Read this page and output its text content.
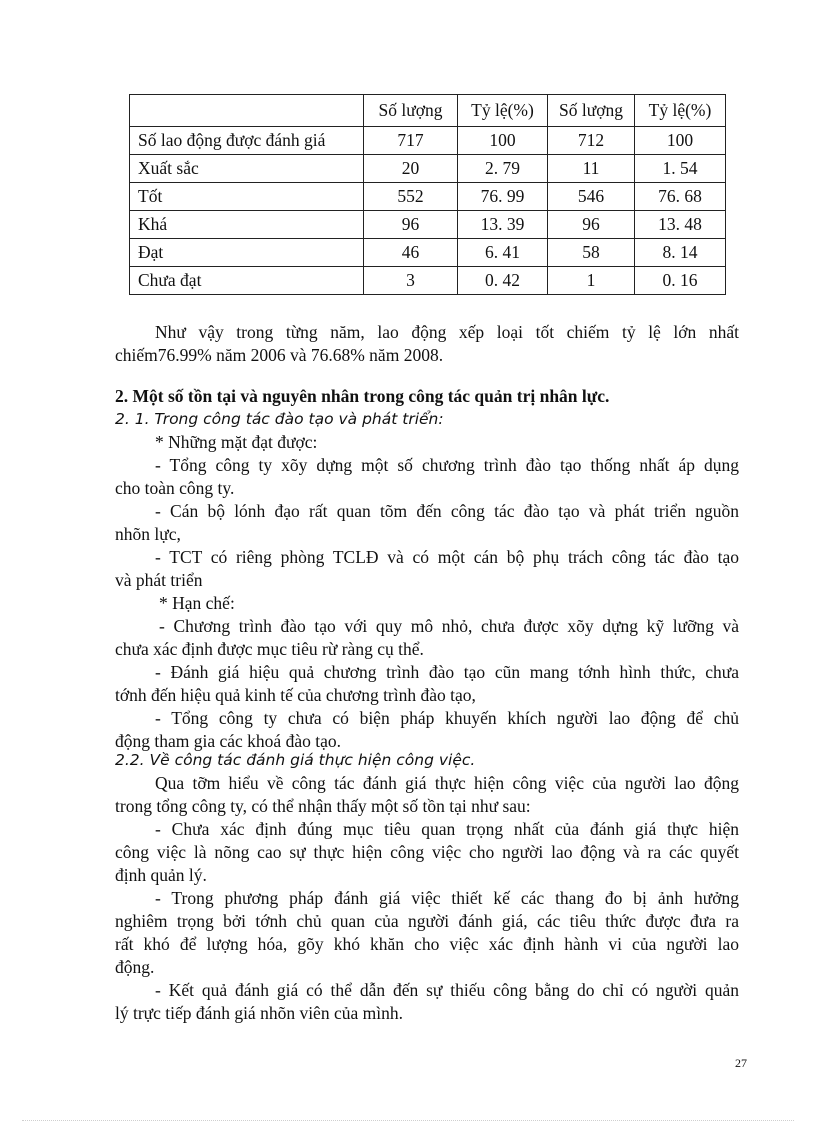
	Số lượng	Tỷ lệ(%)	Số lượng	Tỷ lệ(%)
Số lao động được đánh giá	717	100	712	100
Xuất sắc	20	2. 79	11	1. 54
Tốt	552	76. 99	546	76. 68
Khá	96	13. 39	96	13. 48
Đạt	46	6. 41	58	8. 14
Chưa đạt	3	0. 42	1	0. 16

Như vậy trong từng năm, lao động xếp loại tốt chiếm tỷ lệ lớn nhất

chiếm76.99% năm 2006 và 76.68% năm 2008.

2. Một số tồn tại và nguyên nhân trong công tác quản trị nhân lực.

2. 1. Trong công tác đào tạo và phát triển:

* Những mặt đạt được:

- Tổng công ty xõy dựng một số chương trình đào tạo thống nhất áp dụng

cho toàn công ty.

- Cán bộ lónh đạo rất quan tõm đến công tác đào tạo và phát triển nguồn

nhõn lực,

- TCT có riêng phòng TCLĐ và có một cán bộ phụ trách công tác đào tạo

và phát triển

* Hạn chế:

- Chương trình đào tạo với quy mô nhỏ, chưa được xõy dựng kỹ lưỡng và

chưa xác định được mục tiêu rừ ràng cụ thể.

- Đánh giá hiệu quả chương trình đào tạo cũn mang tớnh hình thức, chưa

tớnh đến hiệu quả kinh tế của chương trình đào tạo,

- Tổng công ty chưa có biện pháp khuyến khích người lao động để chủ

động tham gia các khoá đào tạo.

2.2. Về công tác đánh giá thực hiện công việc.

Qua tỡm hiểu về công tác đánh giá thực hiện công việc của người lao động

trong tổng công ty, có thể nhận thấy một số tồn tại như sau:

- Chưa xác định đúng mục tiêu quan trọng nhất của đánh giá thực hiện

công việc là nõng cao sự thực hiện công việc cho người lao động và ra các quyết

định quản lý.

- Trong phương pháp đánh giá việc thiết kế các thang đo bị ảnh hưởng

nghiêm trọng bởi tớnh chủ quan của người đánh giá, các tiêu thức được đưa ra

rất khó để lượng hóa, gõy khó khăn cho việc xác định hành vi của người lao

động.

- Kết quả đánh giá có thể dẫn đến sự thiếu công bằng do chỉ có người quản

lý trực tiếp đánh giá nhõn viên của mình.

27
